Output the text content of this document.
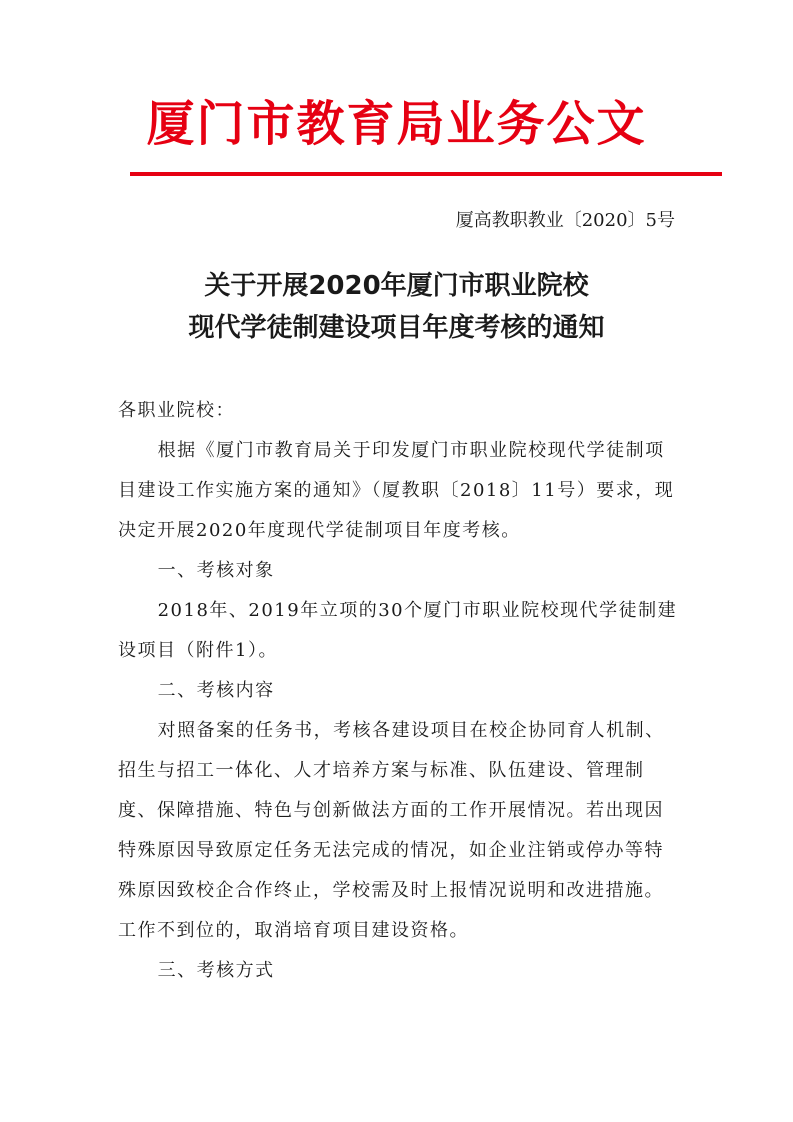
厦门市教育局业务公文
厦高教职教业〔2020〕5号
关于开展2020年厦门市职业院校
现代学徒制建设项目年度考核的通知
各职业院校：

根据《厦门市教育局关于印发厦门市职业院校现代学徒制项目建设工作实施方案的通知》（厦教职〔2018〕11号）要求，现决定开展2020年度现代学徒制项目年度考核。

一、考核对象

2018年、2019年立项的30个厦门市职业院校现代学徒制建设项目（附件1）。

二、考核内容

对照备案的任务书，考核各建设项目在校企协同育人机制、招生与招工一体化、人才培养方案与标准、队伍建设、管理制度、保障措施、特色与创新做法方面的工作开展情况。若出现因特殊原因导致原定任务无法完成的情况，如企业注销或停办等特殊原因致校企合作终止，学校需及时上报情况说明和改进措施。工作不到位的，取消培育项目建设资格。

三、考核方式
